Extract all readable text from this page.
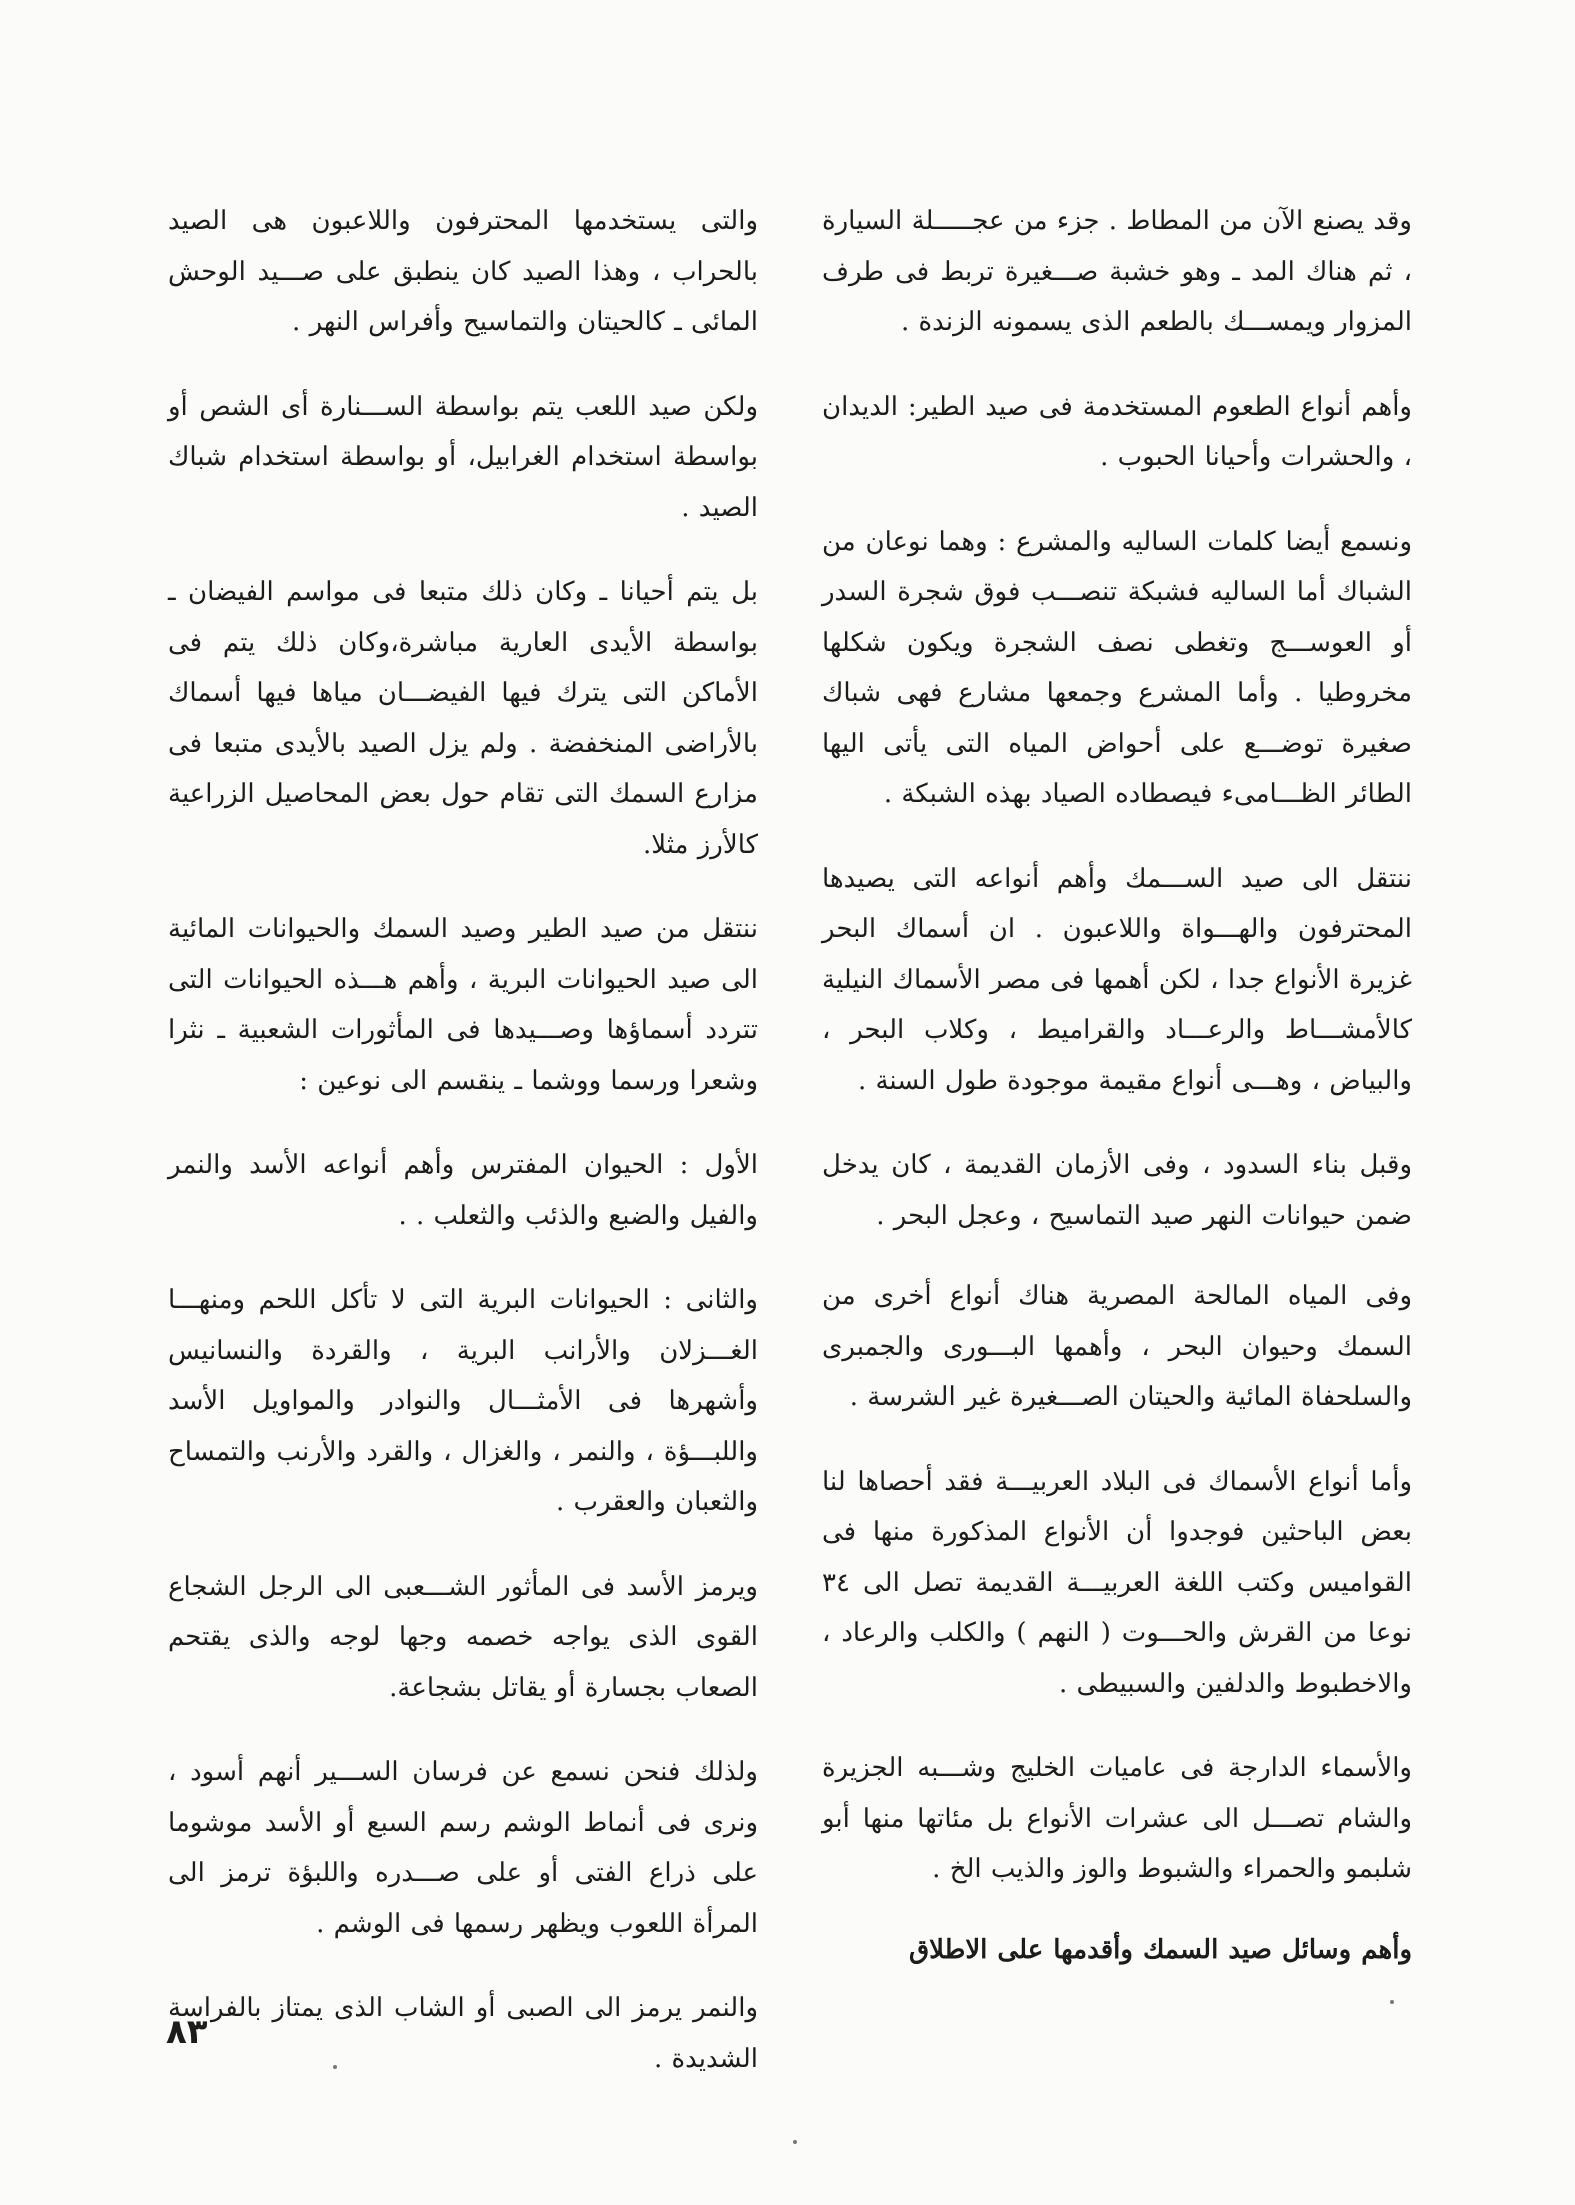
وقد يصنع الآن من المطاط . جزء من عجـــــلة السيارة ، ثم هناك المد ـ وهو خشبة صـــغيرة تربط فى طرف المزوار ويمســـك بالطعم الذى يسمونه الزندة .

وأهم أنواع الطعوم المستخدمة فى صيد الطير: الديدان ، والحشرات وأحيانا الحبوب .

ونسمع أيضا كلمات الساليه والمشرع : وهما نوعان من الشباك أما الساليه فشبكة تنصـــب فوق شجرة السدر أو العوســـج وتغطى نصف الشجرة ويكون شكلها مخروطيا . وأما المشرع وجمعها مشارع فهى شباك صغيرة توضـــع على أحواض المياه التى يأتى اليها الطائر الظـــامىء فيصطاده الصياد بهذه الشبكة .

ننتقل الى صيد الســـمك وأهم أنواعه التى يصيدها المحترفون والهـــواة واللاعبون . ان أسماك البحر غزيرة الأنواع جدا ، لكن أهمها فى مصر الأسماك النيلية كالأمشـــاط والرعـــاد والقراميط ، وكلاب البحر ، والبياض ، وهـــى أنواع مقيمة موجودة طول السنة .

وقبل بناء السدود ، وفى الأزمان القديمة ، كان يدخل ضمن حيوانات النهر صيد التماسيح ، وعجل البحر .

وفى المياه المالحة المصرية هناك أنواع أخرى من السمك وحيوان البحر ، وأهمها البـــورى والجمبرى والسلحفاة المائية والحيتان الصـــغيرة غير الشرسة .

وأما أنواع الأسماك فى البلاد العربيـــة فقد أحصاها لنا بعض الباحثين فوجدوا أن الأنواع المذكورة منها فى القواميس وكتب اللغة العربيـــة القديمة تصل الى ٣٤ نوعا من القرش والحـــوت ( النهم ) والكلب والرعاد ، والاخطبوط والدلفين والسبيطى .

والأسماء الدارجة فى عاميات الخليج وشـــبه الجزيرة والشام تصـــل الى عشرات الأنواع بل مئاتها منها أبو شلبمو والحمراء والشبوط والوز والذيب الخ .

وأهم وسائل صيد السمك وأقدمها على الاطلاق

والتى يستخدمها المحترفون واللاعبون هى الصيد بالحراب ، وهذا الصيد كان ينطبق على صـــيد الوحش المائى ـ كالحيتان والتماسيح وأفراس النهر .

ولكن صيد اللعب يتم بواسطة الســـنارة أى الشص أو بواسطة استخدام الغرابيل، أو بواسطة استخدام شباك الصيد .

بل يتم أحيانا ـ وكان ذلك متبعا فى مواسم الفيضان ـ بواسطة الأيدى العارية مباشرة،وكان ذلك يتم فى الأماكن التى يترك فيها الفيضـــان مياها فيها أسماك بالأراضى المنخفضة . ولم يزل الصيد بالأيدى متبعا فى مزارع السمك التى تقام حول بعض المحاصيل الزراعية كالأرز مثلا.

ننتقل من صيد الطير وصيد السمك والحيوانات المائية الى صيد الحيوانات البرية ، وأهم هـــذه الحيوانات التى تتردد أسماؤها وصـــيدها فى المأثورات الشعبية ـ نثرا وشعرا ورسما ووشما ـ ينقسم الى نوعين :

الأول : الحيوان المفترس وأهم أنواعه الأسد والنمر والفيل والضبع والذئب والثعلب . .

والثانى : الحيوانات البرية التى لا تأكل اللحم ومنهـــا الغـــزلان والأرانب البرية ، والقردة والنسانيس وأشهرها فى الأمثـــال والنوادر والمواويل الأسد واللبـــؤة ، والنمر ، والغزال ، والقرد والأرنب والتمساح والثعبان والعقرب .

ويرمز الأسد فى المأثور الشـــعبى الى الرجل الشجاع القوى الذى يواجه خصمه وجها لوجه والذى يقتحم الصعاب بجسارة أو يقاتل بشجاعة.

ولذلك فنحن نسمع عن فرسان الســـير أنهم أسود ، ونرى فى أنماط الوشم رسم السبع أو الأسد موشوما على ذراع الفتى أو على صـــدره واللبؤة ترمز الى المرأة اللعوب ويظهر رسمها فى الوشم .

والنمر يرمز الى الصبى أو الشاب الذى يمتاز بالفراسة الشديدة .

٨٣
